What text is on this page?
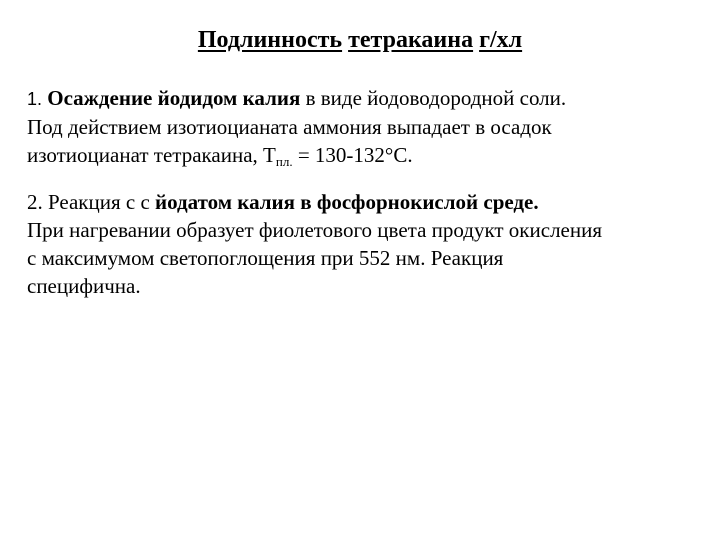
Подлинность тетракаина г/хл
1. Осаждение йодидом калия в виде йодоводородной соли.
Под действием изотиоцианата аммония выпадает в осадок
изотиоцианат тетракаина, $Т_{пл.} = 130-132^\circ С$.
2. Реакция с с йодатом калия в фосфорнокислой среде.
При нагревании образует фиолетового цвета продукт окисления
с максимумом светопоглощения при 552 нм. Реакция
специфична.
